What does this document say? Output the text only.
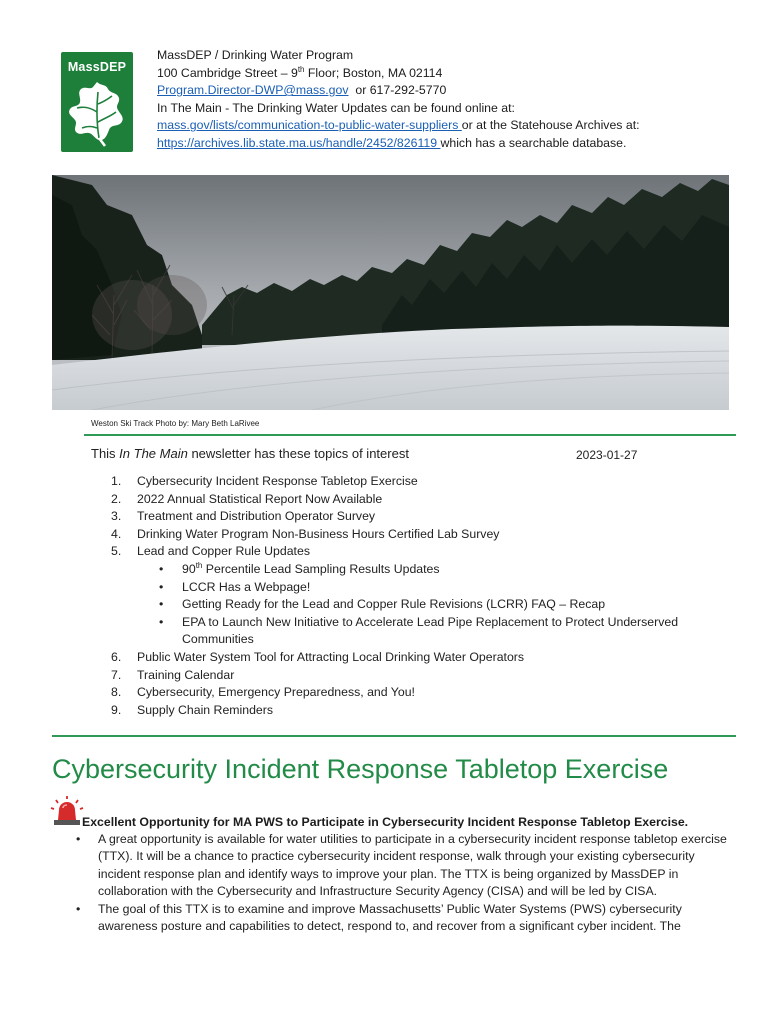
MassDEP
MassDEP / Drinking Water Program
100 Cambridge Street – 9th Floor; Boston, MA 02114
Program.Director-DWP@mass.gov  or 617-292-5770
In The Main - The Drinking Water Updates can be found online at:
mass.gov/lists/communication-to-public-water-suppliers or at the Statehouse Archives at:
https://archives.lib.state.ma.us/handle/2452/826119 which has a searchable database.
Weston Ski Track Photo by: Mary Beth LaRivee
This In The Main newsletter has these topics of interest	2023-01-27
1. Cybersecurity Incident Response Tabletop Exercise
2. 2022 Annual Statistical Report Now Available
3. Treatment and Distribution Operator Survey
4. Drinking Water Program Non-Business Hours Certified Lab Survey
5. Lead and Copper Rule Updates
• 90th Percentile Lead Sampling Results Updates
• LCCR Has a Webpage!
• Getting Ready for the Lead and Copper Rule Revisions (LCRR) FAQ – Recap
• EPA to Launch New Initiative to Accelerate Lead Pipe Replacement to Protect Underserved Communities
6. Public Water System Tool for Attracting Local Drinking Water Operators
7. Training Calendar
8. Cybersecurity, Emergency Preparedness, and You!
9. Supply Chain Reminders
Cybersecurity Incident Response Tabletop Exercise
Excellent Opportunity for MA PWS to Participate in Cybersecurity Incident Response Tabletop Exercise.
• A great opportunity is available for water utilities to participate in a cybersecurity incident response tabletop exercise (TTX). It will be a chance to practice cybersecurity incident response, walk through your existing cybersecurity incident response plan and identify ways to improve your plan. The TTX is being organized by MassDEP in collaboration with the Cybersecurity and Infrastructure Security Agency (CISA) and will be led by CISA.
• The goal of this TTX is to examine and improve Massachusetts’ Public Water Systems (PWS) cybersecurity awareness posture and capabilities to detect, respond to, and recover from a significant cyber incident. The
